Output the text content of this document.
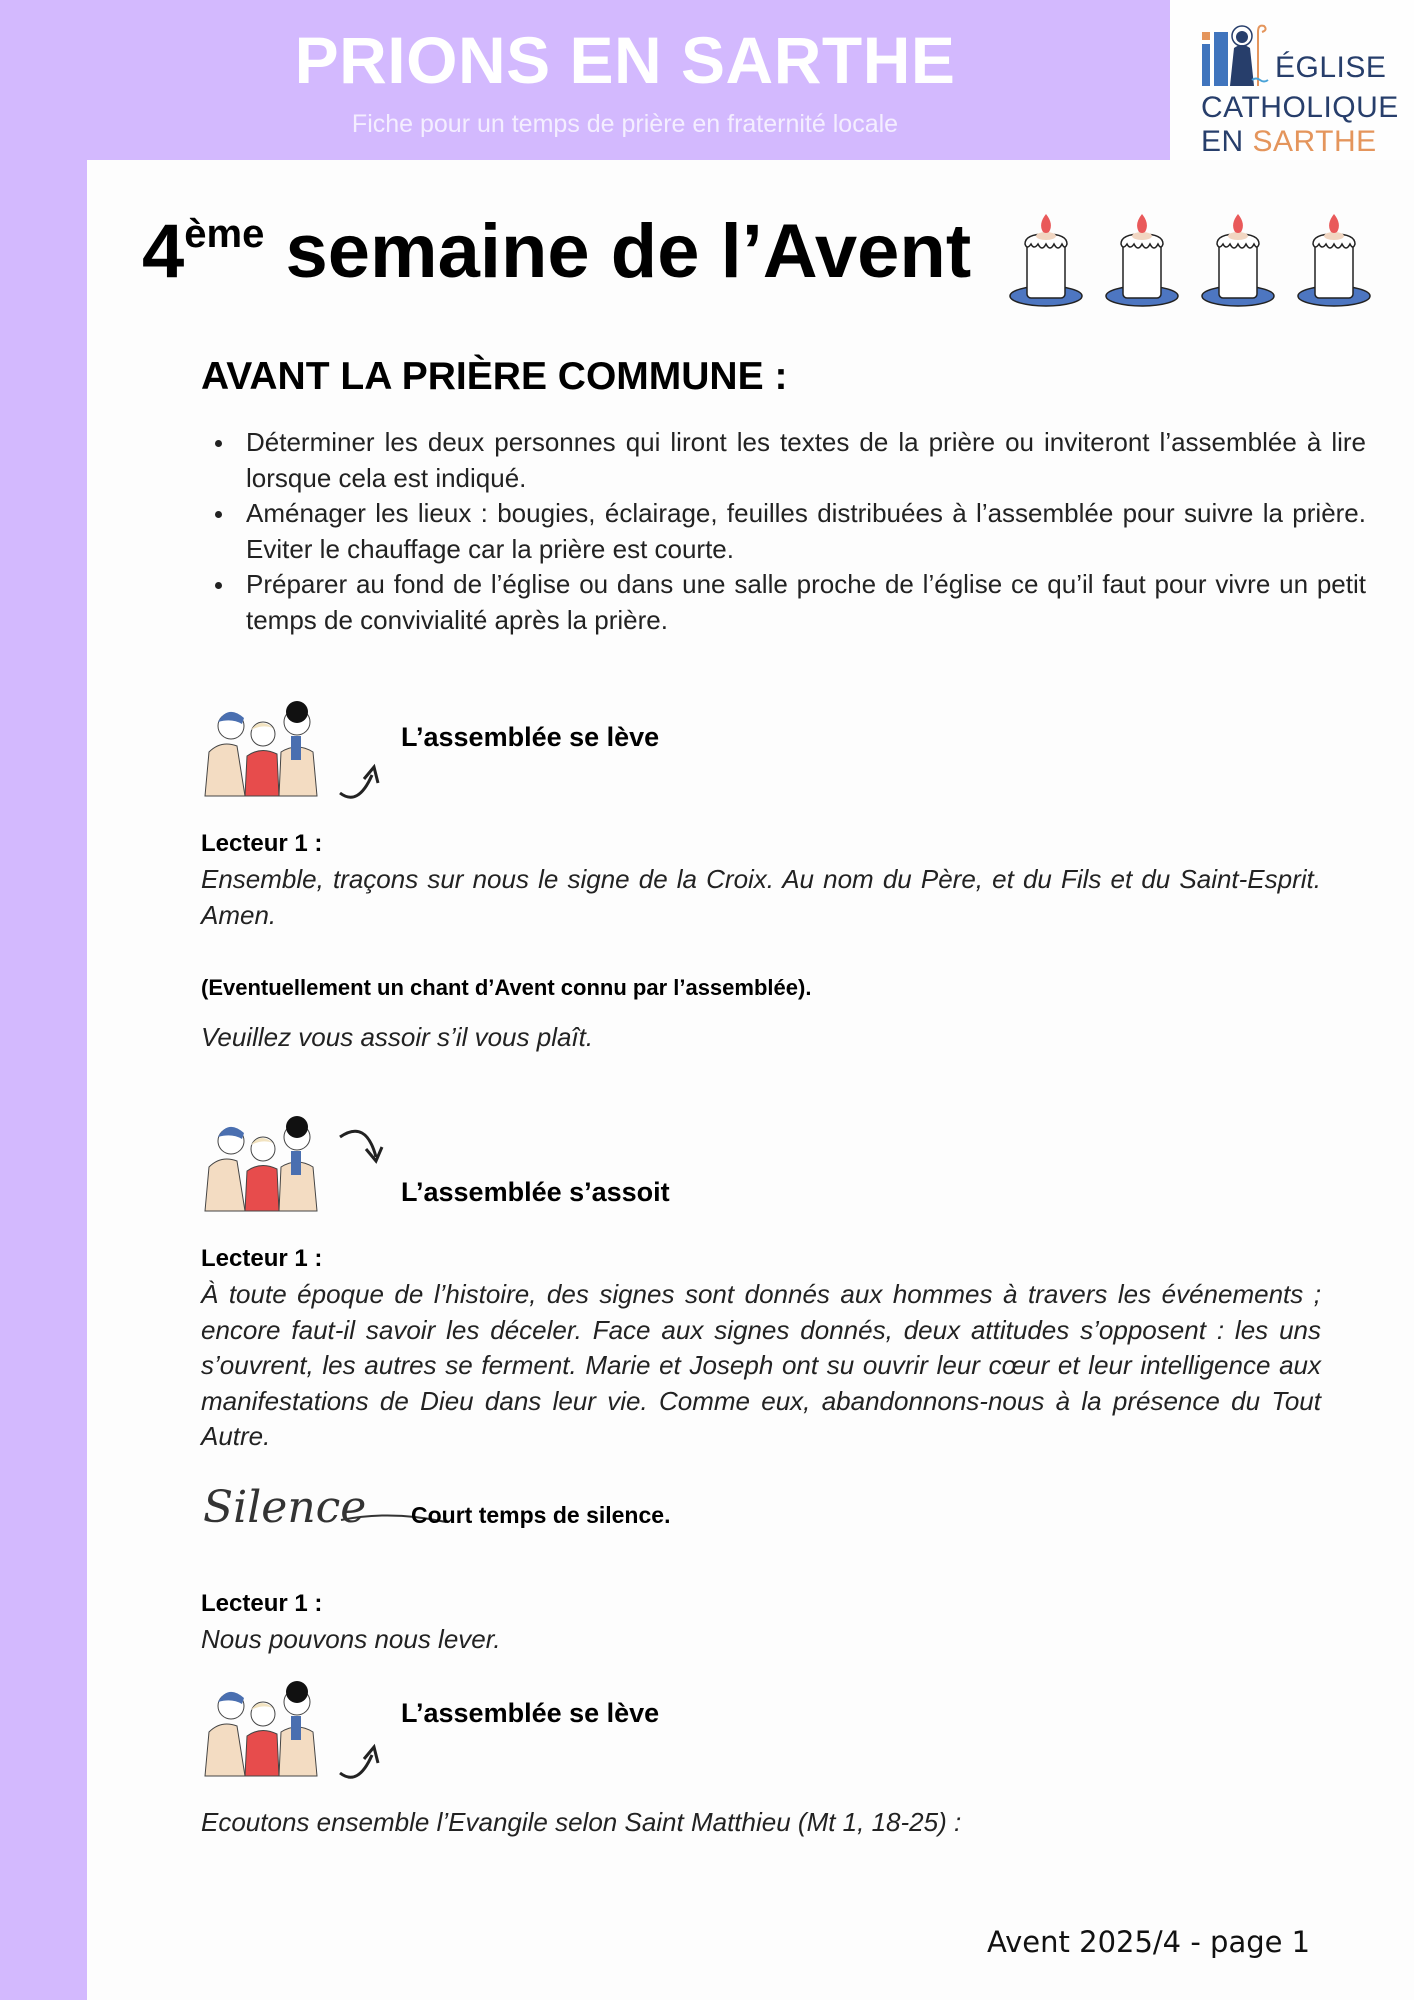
PRIONS EN SARTHE
Fiche pour un temps de prière en fraternité locale
ÉGLISE
CATHOLIQUE
EN SARTHE
4ème semaine de l’Avent
AVANT LA PRIÈRE COMMUNE :
Déterminer les deux personnes qui liront les textes de la prière ou inviteront l’assemblée à lire lorsque cela est indiqué.
Aménager les lieux : bougies, éclairage, feuilles distribuées à l’assemblée pour suivre la prière. Eviter le chauffage car la prière est courte.
Préparer au fond de l’église ou dans une salle proche de l’église ce qu’il faut pour vivre un petit temps de convivialité après la prière.
L’assemblée se lève
Lecteur 1 :
Ensemble, traçons sur nous le signe de la Croix. Au nom du Père, et du Fils et du Saint-Esprit. Amen.
(Eventuellement un chant d’Avent connu par l’assemblée).
Veuillez vous assoir s’il vous plaît.
L’assemblée s’assoit
Lecteur 1 :
À toute époque de l’histoire, des signes sont donnés aux hommes à travers les événements ; encore faut-il savoir les déceler. Face aux signes donnés, deux attitudes s’opposent : les uns s’ouvrent, les autres se ferment. Marie et Joseph ont su ouvrir leur cœur et leur intelligence aux manifestations de Dieu dans leur vie. Comme eux, abandonnons-nous à la présence du Tout Autre.
Silence Court temps de silence.
Lecteur 1 :
Nous pouvons nous lever.
L’assemblée se lève
Ecoutons ensemble l’Evangile selon Saint Matthieu (Mt 1, 18-25) :
Avent 2025/4 - page 1
